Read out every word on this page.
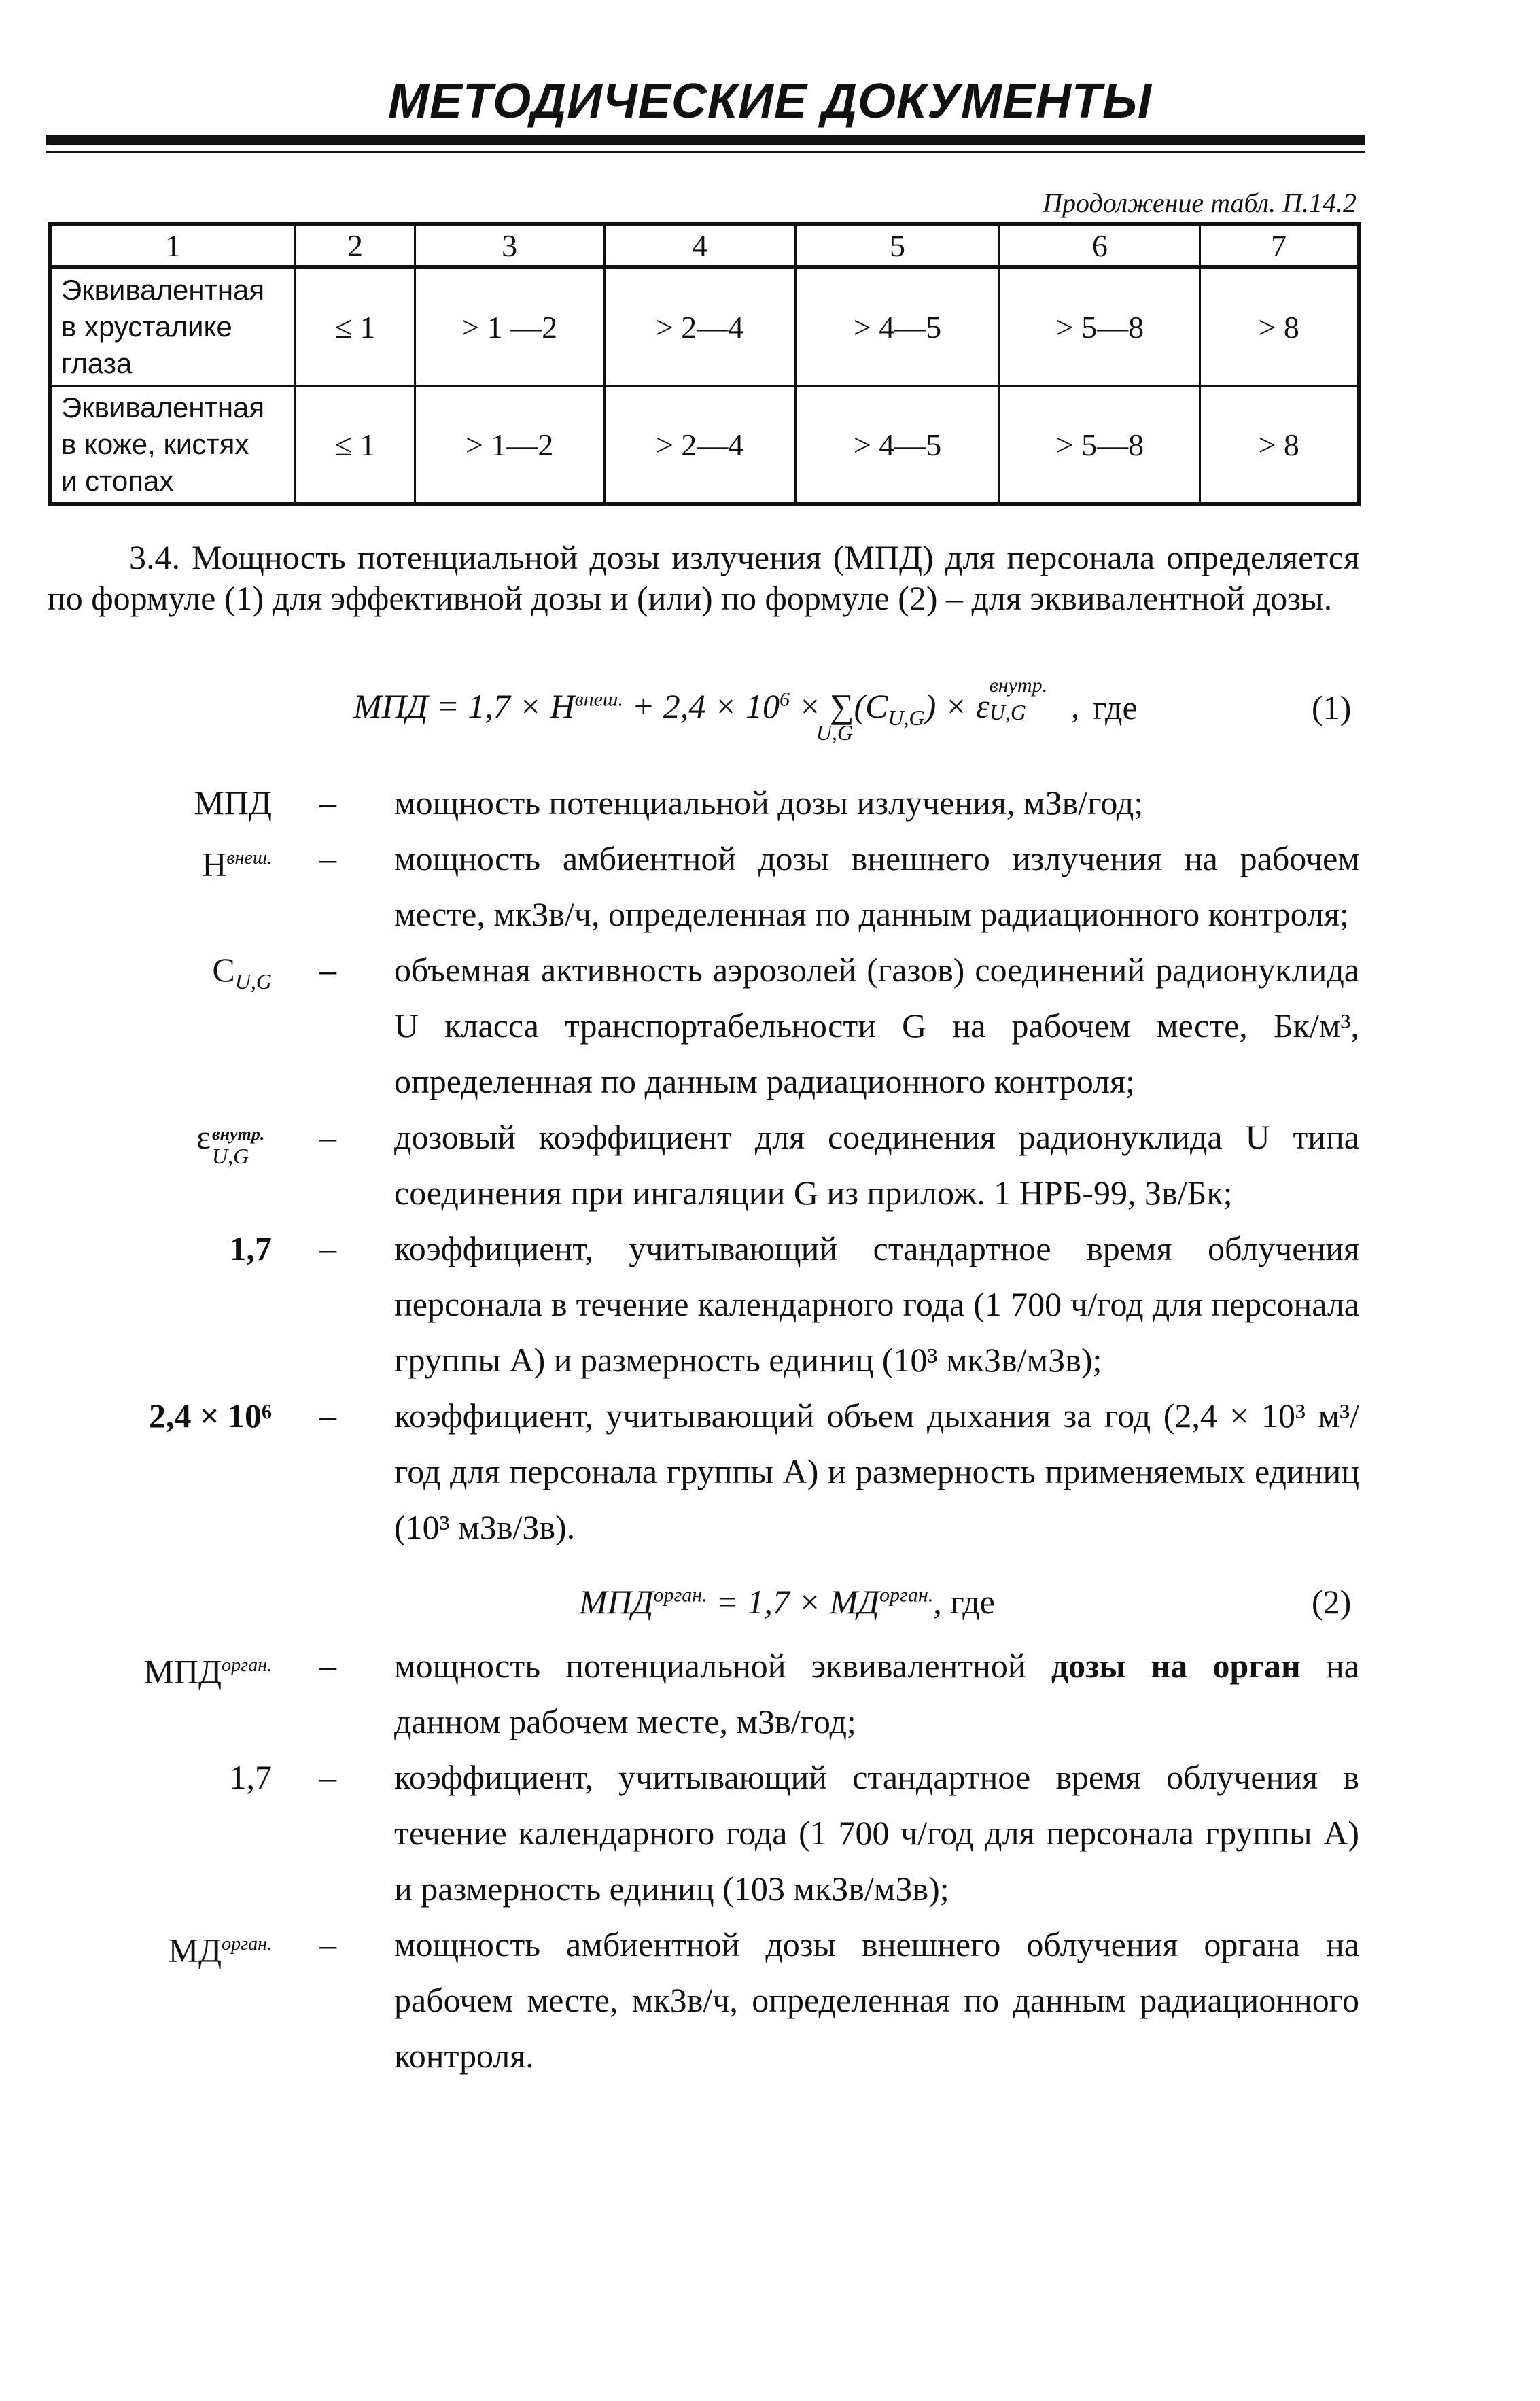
МЕТОДИЧЕСКИЕ ДОКУМЕНТЫ
Продолжение табл. П.14.2
1	2	3	4	5	6	7

Эквивалентная
в хрусталике
глаза	≤ 1	> 1 —2	> 2—4	> 4—5	> 5—8	> 8

Эквивалентная
в коже, кистях
и стопах	≤ 1	> 1—2	> 2—4	> 4—5	> 5—8	> 8
3.4. Мощность потенциальной дозы излучения (МПД) для персонала определяется по формуле (1) для эффективной дозы и (или) по формуле (2) – для эквивалентной дозы.
МПД = $1,7 \times H^{внеш.} + 2,4 \times 10^6$ × ∑
U,G
$(C_{U,G}) \times \varepsilon$
внутр.
U,G , где	(1)
МПД – мощность потенциальной дозы излучения, мЗв/год;
$Н^{внеш.}$ – мощность амбиентной дозы внешнего излучения на рабочем месте, мкЗв/ч, определенная по данным радиационного контроля;
$C_{U,G}$ – объемная активность аэрозолей (газов) соединений радионуклида U класса транспортабельности G на рабочем месте, Бк/м³, определенная по данным радиационного контроля;
ε внутр.
U,G – дозовый коэффициент для соединения радионуклида U типа соединения при ингаляции G из прилож. 1 НРБ-99, Зв/Бк;
1,7 – коэффициент, учитывающий стандартное время облучения персонала в течение календарного года (1 700 ч/год для персонала группы А) и размерность единиц (10³ мкЗв/мЗв);
2,4 × 10⁶ – коэффициент, учитывающий объем дыхания за год (2,4 × 10³ м³/год для персонала группы А) и размерность применяемых единиц (10³ мЗв/Зв).
$МПД^{орган.} = 1,7 \times МД^{орган.}$, где	(2)
$МПД^{орган.}$ – мощность потенциальной эквивалентной дозы на орган на данном рабочем месте, мЗв/год;
1,7 – коэффициент, учитывающий стандартное время облучения в течение календарного года (1 700 ч/год для персонала группы А) и размерность единиц (103 мкЗв/мЗв);
$МД^{орган.}$ – мощность амбиентной дозы внешнего облучения органа на рабочем месте, мкЗв/ч, определенная по данным радиационного контроля.
